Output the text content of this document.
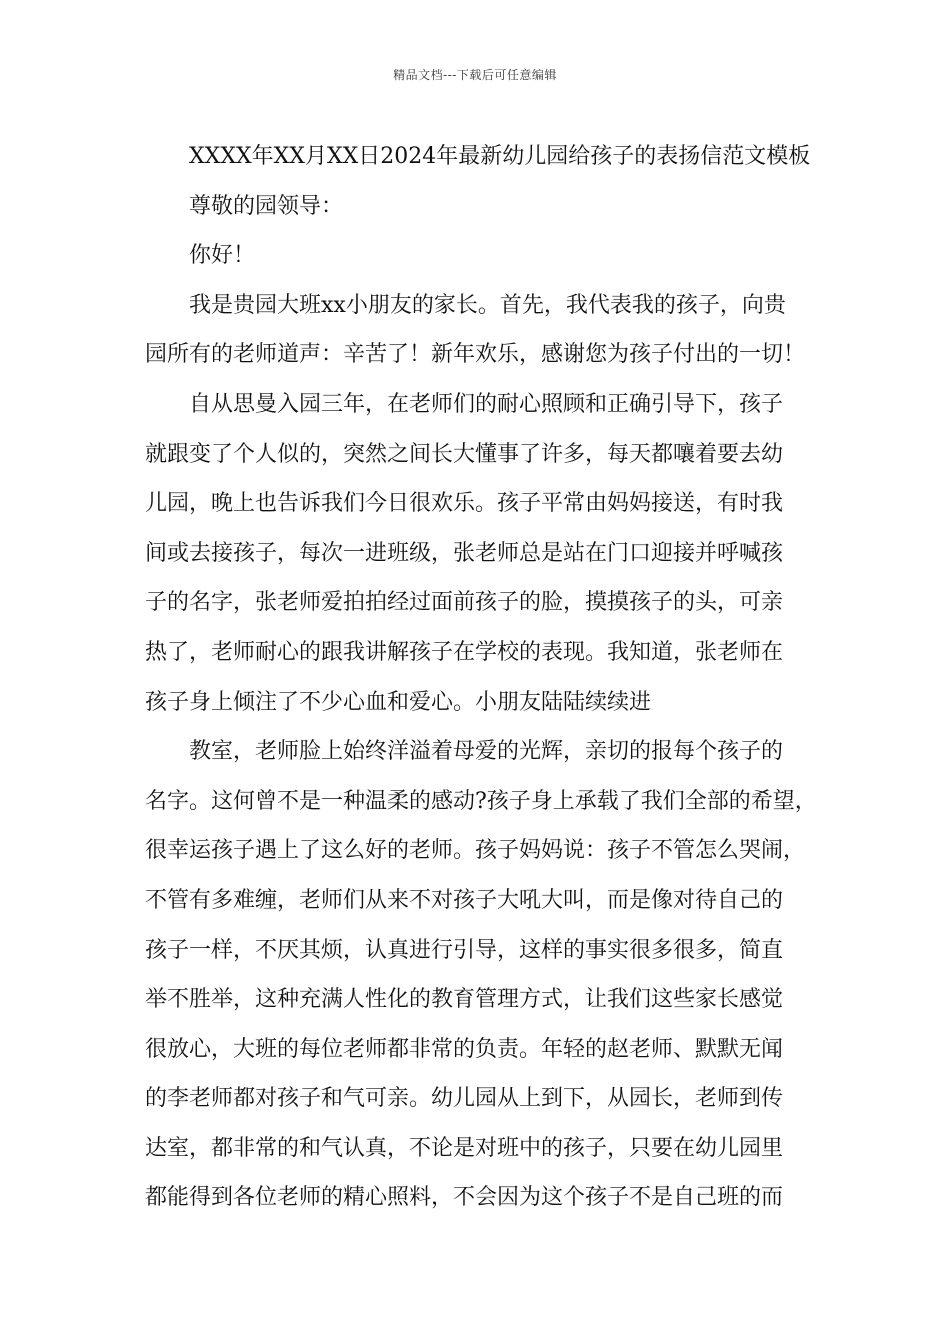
精品文档---下载后可任意编辑
XXXX年XX月XX日2024年最新幼儿园给孩子的表扬信范文模板
尊敬的园领导：
你好！
我是贵园大班xx小朋友的家长。首先，我代表我的孩子，向贵
园所有的老师道声：辛苦了！新年欢乐，感谢您为孩子付出的一切！
自从思曼入园三年，在老师们的耐心照顾和正确引导下，孩子
就跟变了个人似的，突然之间长大懂事了许多，每天都嚷着要去幼
儿园，晚上也告诉我们今日很欢乐。孩子平常由妈妈接送，有时我
间或去接孩子，每次一进班级，张老师总是站在门口迎接并呼喊孩
子的名字，张老师爱拍拍经过面前孩子的脸，摸摸孩子的头，可亲
热了，老师耐心的跟我讲解孩子在学校的表现。我知道，张老师在
孩子身上倾注了不少心血和爱心。小朋友陆陆续续进
教室，老师脸上始终洋溢着母爱的光辉，亲切的报每个孩子的
名字。这何曾不是一种温柔的感动?孩子身上承载了我们全部的希望，
很幸运孩子遇上了这么好的老师。孩子妈妈说：孩子不管怎么哭闹，
不管有多难缠，老师们从来不对孩子大吼大叫，而是像对待自己的
孩子一样，不厌其烦，认真进行引导，这样的事实很多很多，简直
举不胜举，这种充满人性化的教育管理方式，让我们这些家长感觉
很放心，大班的每位老师都非常的负责。年轻的赵老师、默默无闻
的李老师都对孩子和气可亲。幼儿园从上到下，从园长，老师到传
达室，都非常的和气认真，不论是对班中的孩子，只要在幼儿园里
都能得到各位老师的精心照料，不会因为这个孩子不是自己班的而
